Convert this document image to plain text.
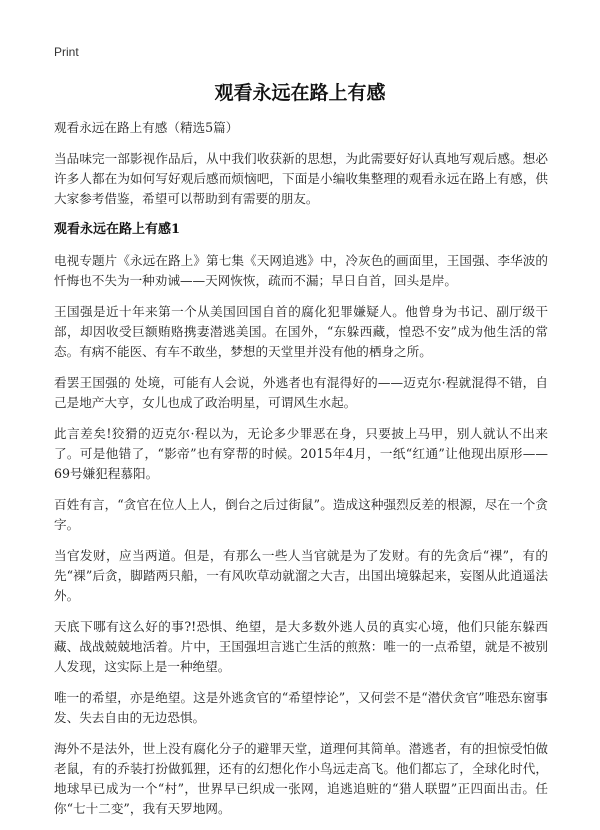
Print
观看永远在路上有感

观看永远在路上有感（精选5篇）

当品味完一部影视作品后，从中我们收获新的思想，为此需要好好认真地写观后感。想必许多人都在为如何写好观后感而烦恼吧，下面是小编收集整理的观看永远在路上有感，供大家参考借鉴，希望可以帮助到有需要的朋友。

观看永远在路上有感1

电视专题片《永远在路上》第七集《天网追逃》中，冷灰色的画面里，王国强、李华波的忏悔也不失为一种劝诫——天网恢恢，疏而不漏；早日自首，回头是岸。

王国强是近十年来第一个从美国回国自首的腐化犯罪嫌疑人。他曾身为书记、副厅级干部，却因收受巨额贿赂携妻潜逃美国。在国外，“东躲西藏，惶恐不安”成为他生活的常态。有病不能医、有车不敢坐，梦想的天堂里并没有他的栖身之所。

看罢王国强的 处境，可能有人会说，外逃者也有混得好的——迈克尔·程就混得不错，自己是地产大亨，女儿也成了政治明星，可谓风生水起。

此言差矣!狡猾的迈克尔·程以为，无论多少罪恶在身，只要披上马甲，别人就认不出来了。可是他错了，“影帝”也有穿帮的时候。2015年4月，一纸“红通”让他现出原形——69号嫌犯程慕阳。

百姓有言，“贪官在位人上人，倒台之后过街鼠”。造成这种强烈反差的根源，尽在一个贪字。

当官发财，应当两道。但是，有那么一些人当官就是为了发财。有的先贪后“裸”，有的先“裸”后贪，脚踏两只船，一有风吹草动就溜之大吉，出国出境躲起来，妄图从此逍遥法外。

天底下哪有这么好的事?!恐惧、绝望，是大多数外逃人员的真实心境，他们只能东躲西藏、战战兢兢地活着。片中，王国强坦言逃亡生活的煎熬：唯一的一点希望，就是不被别人发现，这实际上是一种绝望。

唯一的希望，亦是绝望。这是外逃贪官的“希望悖论”，又何尝不是“潜伏贪官”唯恐东窗事发、失去自由的无边恐惧。

海外不是法外，世上没有腐化分子的避罪天堂，道理何其简单。潜逃者，有的担惊受怕做老鼠，有的乔装打扮做狐狸，还有的幻想化作小鸟远走高飞。他们都忘了，全球化时代，地球早已成为一个“村”，世界早已织成一张网，追逃追赃的“猎人联盟”正四面出击。任你“七十二变”，我有天罗地网。
